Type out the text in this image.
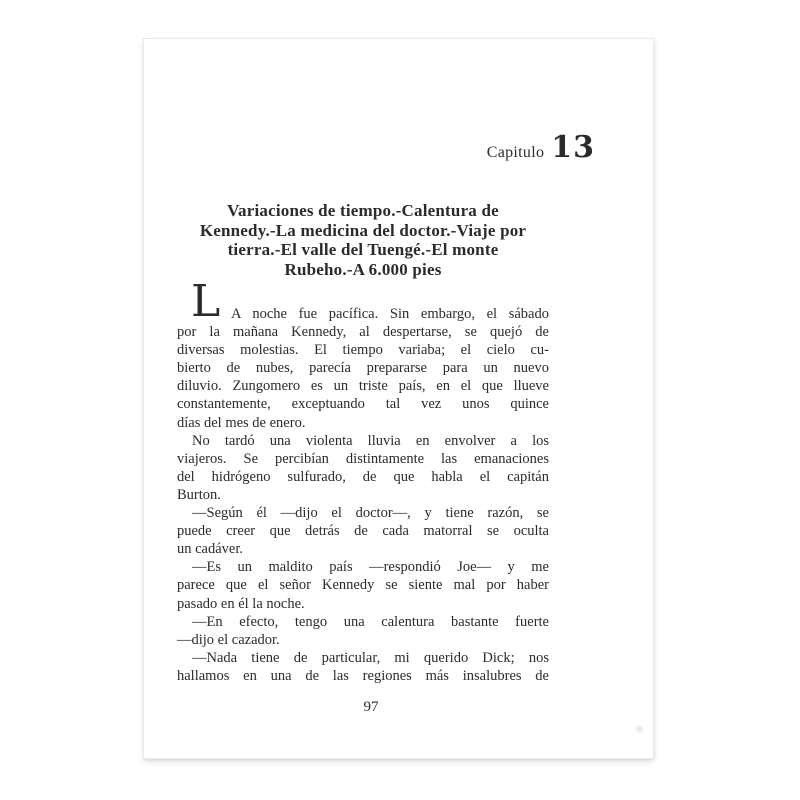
Capitulo 13
Variaciones de tiempo.-Calentura de
Kennedy.-La medicina del doctor.-Viaje por
tierra.-El valle del Tuengé.-El monte
Rubeho.-A 6.000 pies
L A noche fue pacífica. Sin embargo, el sábado
por la mañana Kennedy, al despertarse, se quejó de
diversas molestias. El tiempo variaba; el cielo cu-
bierto de nubes, parecía prepararse para un nuevo
diluvio. Zungomero es un triste país, en el que llueve
constantemente, exceptuando tal vez unos quince
días del mes de enero.
No tardó una violenta lluvia en envolver a los
viajeros. Se percibían distintamente las emanaciones
del hidrógeno sulfurado, de que habla el capitán
Burton.
—Según él —dijo el doctor—, y tiene razón, se
puede creer que detrás de cada matorral se oculta
un cadáver.
—Es un maldito país —respondió Joe— y me
parece que el señor Kennedy se siente mal por haber
pasado en él la noche.
—En efecto, tengo una calentura bastante fuerte
—dijo el cazador.
—Nada tiene de particular, mi querido Dick; nos
hallamos en una de las regiones más insalubres de
97
